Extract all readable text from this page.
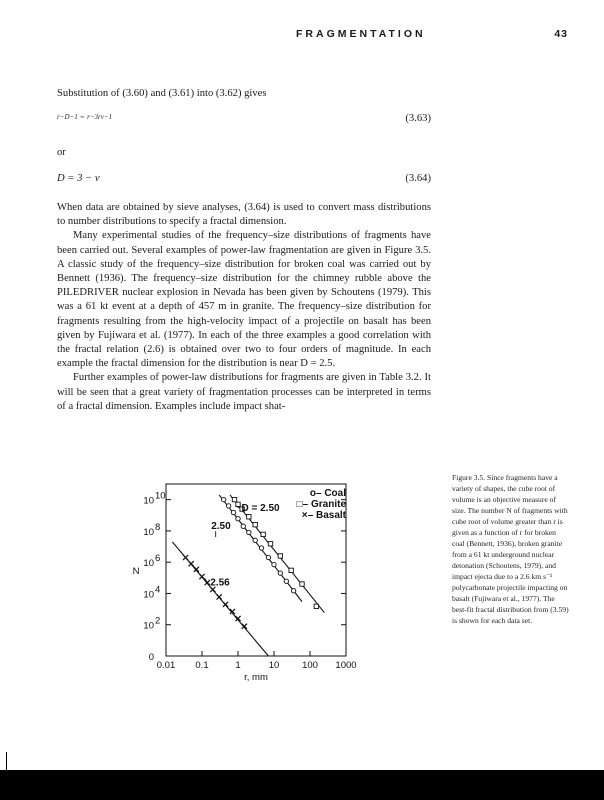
FRAGMENTATION	43
Substitution of (3.60) and (3.61) into (3.62) gives
r−D−1 ∼ r−3rν−1	(3.63)
or
D = 3 − ν	(3.64)

When data are obtained by sieve analyses, (3.64) is used to convert mass distributions to number distributions to specify a fractal dimension.

Many experimental studies of the frequency–size distributions of fragments have been carried out. Several examples of power-law fragmentation are given in Figure 3.5. A classic study of the frequency–size distribution for broken coal was carried out by Bennett (1936). The frequency–size distribution for the chimney rubble above the PILEDRIVER nuclear explosion in Nevada has been given by Schoutens (1979). This was a 61 kt event at a depth of 457 m in granite. The frequency–size distribution for fragments resulting from the high-velocity impact of a projectile on basalt has been given by Fujiwara et al. (1977). In each of the three examples a good correlation with the fractal relation (2.6) is obtained over two to four orders of magnitude. In each example the fractal dimension for the distribution is near D = 2.5.

Further examples of power-law distributions for fragments are given in Table 3.2. It will be seen that a great variety of fragmentation processes can be interpreted in terms of a fractal dimension. Examples include impact shat-

0.01 0.1	1	10 100 1000
0
10 2
10 4
10 6
10 8
10 10
r, mm
N
o– Coal
□– Granite
×– Basalt
D = 2.50
2.50
2.56
Figure 3.5. Since fragments have a variety of shapes, the cube root of volume is an objective measure of size. The number N of fragments with cube root of volume greater than r is given as a function of r for broken coal (Bennett, 1936), broken granite from a 61 kt underground nuclear detonation (Schoutens, 1979), and impact ejecta due to a 2.6 km s⁻¹ polycarbonate projectile impacting on basalt (Fujiwara et al., 1977). The best-fit fractal distribution from (3.59) is shown for each data set.
